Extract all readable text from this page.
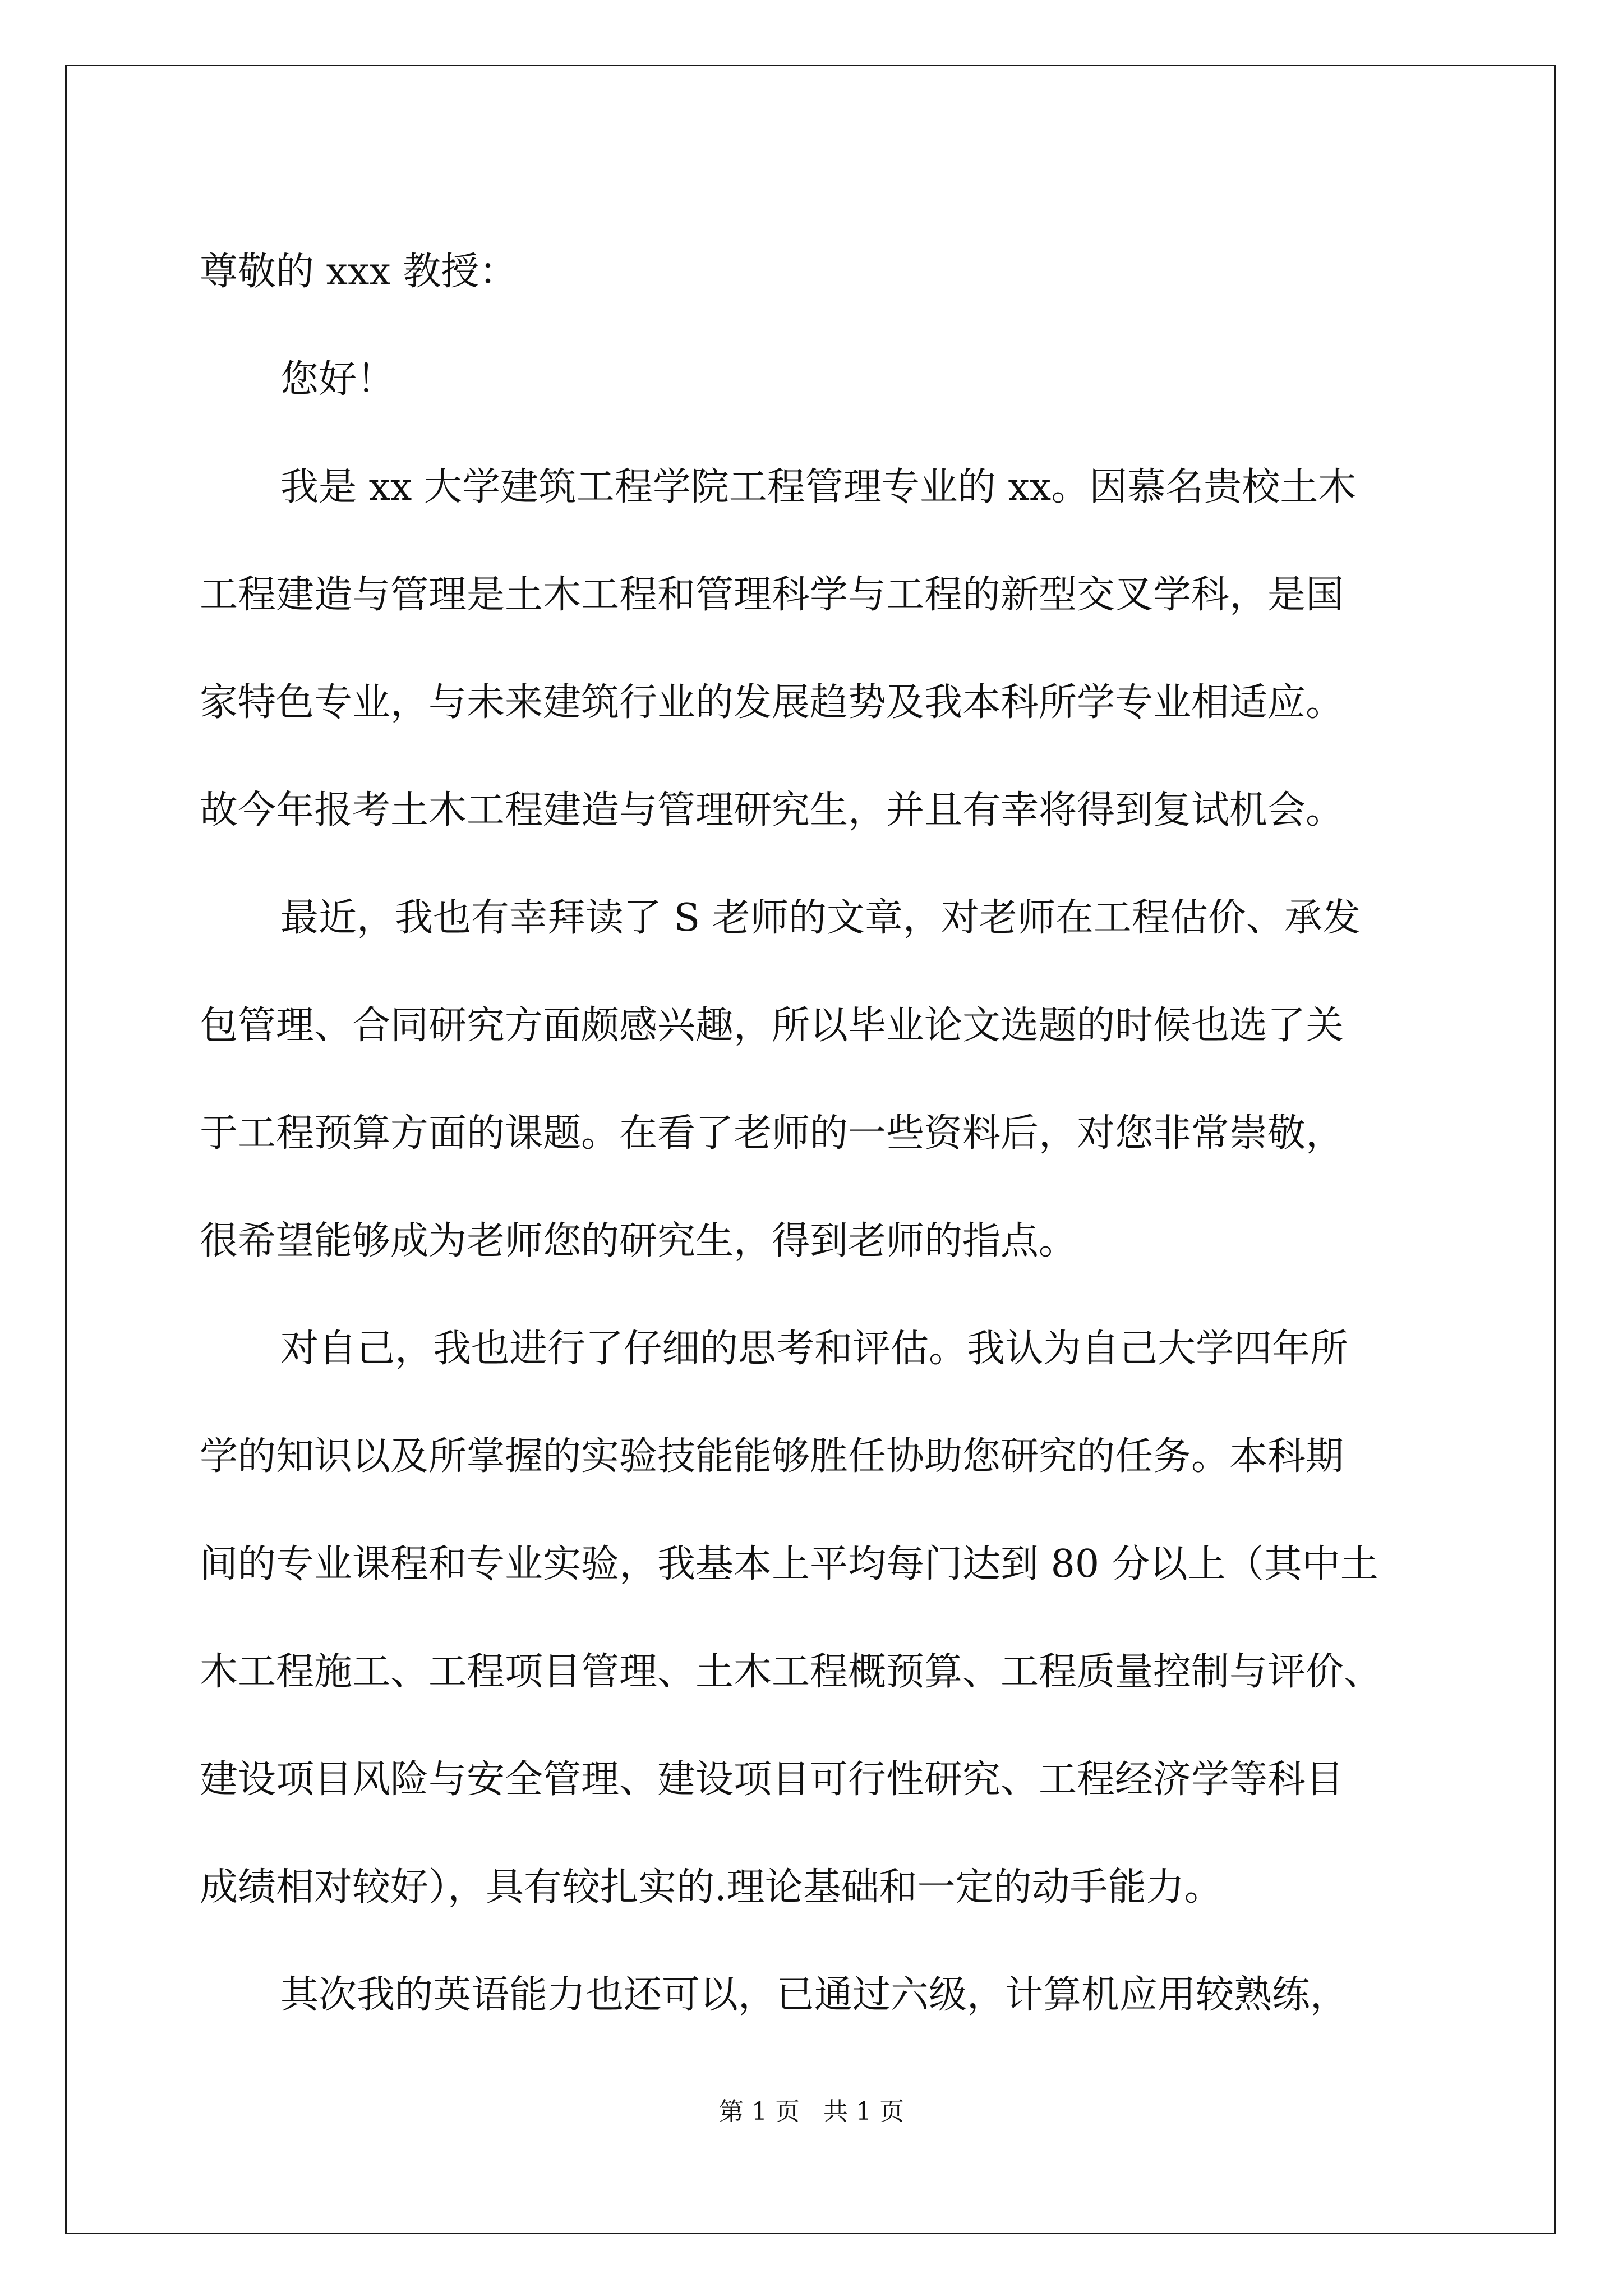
尊敬的 xxx 教授：
您好！
我是 xx 大学建筑工程学院工程管理专业的 xx。因慕名贵校土木
工程建造与管理是土木工程和管理科学与工程的新型交叉学科，是国
家特色专业，与未来建筑行业的发展趋势及我本科所学专业相适应。
故今年报考土木工程建造与管理研究生，并且有幸将得到复试机会。
最近，我也有幸拜读了 S 老师的文章，对老师在工程估价、承发
包管理、合同研究方面颇感兴趣，所以毕业论文选题的时候也选了关
于工程预算方面的课题。在看了老师的一些资料后，对您非常崇敬，
很希望能够成为老师您的研究生，得到老师的指点。
对自己，我也进行了仔细的思考和评估。我认为自己大学四年所
学的知识以及所掌握的实验技能能够胜任协助您研究的任务。本科期
间的专业课程和专业实验，我基本上平均每门达到 80 分以上（其中土
木工程施工、工程项目管理、土木工程概预算、工程质量控制与评价、
建设项目风险与安全管理、建设项目可行性研究、工程经济学等科目
成绩相对较好），具有较扎实的.理论基础和一定的动手能力。
其次我的英语能力也还可以，已通过六级，计算机应用较熟练，
第 1 页 共 1 页
